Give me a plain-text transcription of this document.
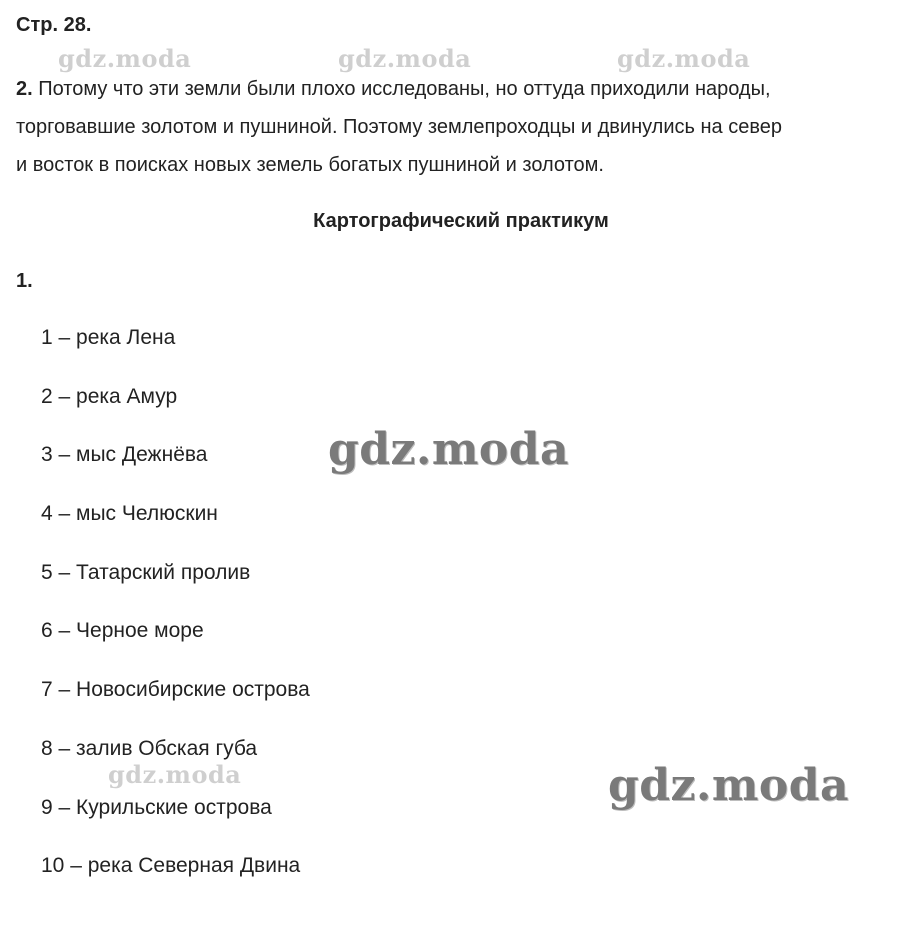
Стр. 28.
2. Потому что эти земли были плохо исследованы, но оттуда приходили народы,
торговавшие золотом и пушниной. Поэтому землепроходцы и двинулись на север
и восток в поисках новых земель богатых пушниной и золотом.
Картографический практикум
1.
1 – река Лена
2 – река Амур
3 – мыс Дежнёва
4 – мыс Челюскин
5 – Татарский пролив
6 – Черное море
7 – Новосибирские острова
8 – залив Обская губа
9 – Курильские острова
10 – река Северная Двина
gdz.moda	gdz.moda	gdz.moda
gdz.moda
gdz.moda	gdz.moda
